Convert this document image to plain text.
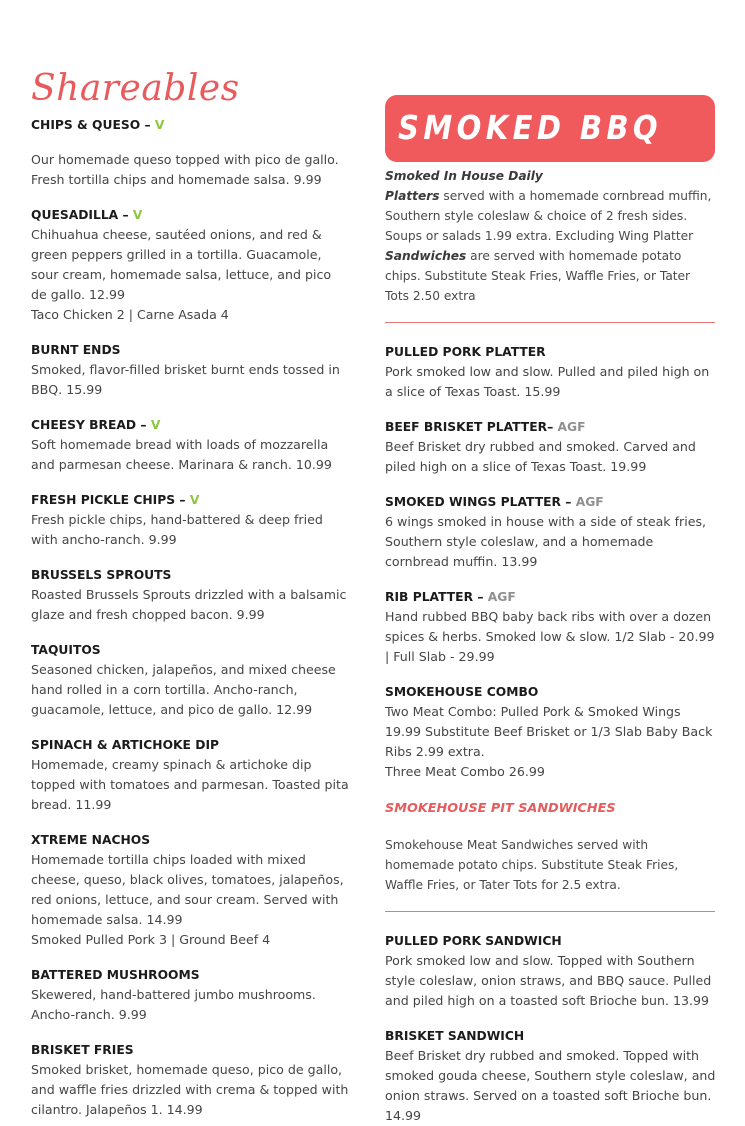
Shareables
CHIPS & QUESO – V
Our homemade queso topped with pico de gallo. Fresh tortilla chips and homemade salsa. 9.99
QUESADILLA – V
Chihuahua cheese, sautéed onions, and red & green peppers grilled in a tortilla. Guacamole, sour cream, homemade salsa, lettuce, and pico de gallo. 12.99
Taco Chicken 2 | Carne Asada 4
BURNT ENDS
Smoked, flavor-filled brisket burnt ends tossed in BBQ. 15.99
CHEESY BREAD – V
Soft homemade bread with loads of mozzarella and parmesan cheese. Marinara & ranch. 10.99
FRESH PICKLE CHIPS – V
Fresh pickle chips, hand-battered & deep fried with ancho-ranch. 9.99
BRUSSELS SPROUTS
Roasted Brussels Sprouts drizzled with a balsamic glaze and fresh chopped bacon. 9.99
TAQUITOS
Seasoned chicken, jalapeños, and mixed cheese hand rolled in a corn tortilla. Ancho-ranch, guacamole, lettuce, and pico de gallo. 12.99
SPINACH & ARTICHOKE DIP
Homemade, creamy spinach & artichoke dip topped with tomatoes and parmesan. Toasted pita bread. 11.99
XTREME NACHOS
Homemade tortilla chips loaded with mixed cheese, queso, black olives, tomatoes, jalapeños, red onions, lettuce, and sour cream. Served with homemade salsa. 14.99
Smoked Pulled Pork 3 | Ground Beef 4
BATTERED MUSHROOMS
Skewered, hand-battered jumbo mushrooms. Ancho-ranch. 9.99
BRISKET FRIES
Smoked brisket, homemade queso, pico de gallo, and waffle fries drizzled with crema & topped with cilantro. Jalapeños 1. 14.99
SMOKED BBQ
Smoked In House Daily
Platters served with a homemade cornbread muffin, Southern style coleslaw & choice of 2 fresh sides. Soups or salads 1.99 extra. Excluding Wing Platter
Sandwiches are served with homemade potato chips. Substitute Steak Fries, Waffle Fries, or Tater Tots 2.50 extra
PULLED PORK PLATTER
Pork smoked low and slow. Pulled and piled high on a slice of Texas Toast. 15.99
BEEF BRISKET PLATTER– AGF
Beef Brisket dry rubbed and smoked. Carved and piled high on a slice of Texas Toast. 19.99
SMOKED WINGS PLATTER – AGF
6 wings smoked in house with a side of steak fries, Southern style coleslaw, and a homemade cornbread muffin. 13.99
RIB PLATTER – AGF
Hand rubbed BBQ baby back ribs with over a dozen spices & herbs. Smoked low & slow. 1/2 Slab - 20.99 | Full Slab - 29.99
SMOKEHOUSE COMBO
Two Meat Combo: Pulled Pork & Smoked Wings 19.99 Substitute Beef Brisket or 1/3 Slab Baby Back Ribs 2.99 extra.
Three Meat Combo 26.99
SMOKEHOUSE PIT SANDWICHES
Smokehouse Meat Sandwiches served with homemade potato chips. Substitute Steak Fries, Waffle Fries, or Tater Tots for 2.5 extra.
PULLED PORK SANDWICH
Pork smoked low and slow. Topped with Southern style coleslaw, onion straws, and BBQ sauce. Pulled and piled high on a toasted soft Brioche bun. 13.99
BRISKET SANDWICH
Beef Brisket dry rubbed and smoked. Topped with smoked gouda cheese, Southern style coleslaw, and onion straws. Served on a toasted soft Brioche bun. 14.99
